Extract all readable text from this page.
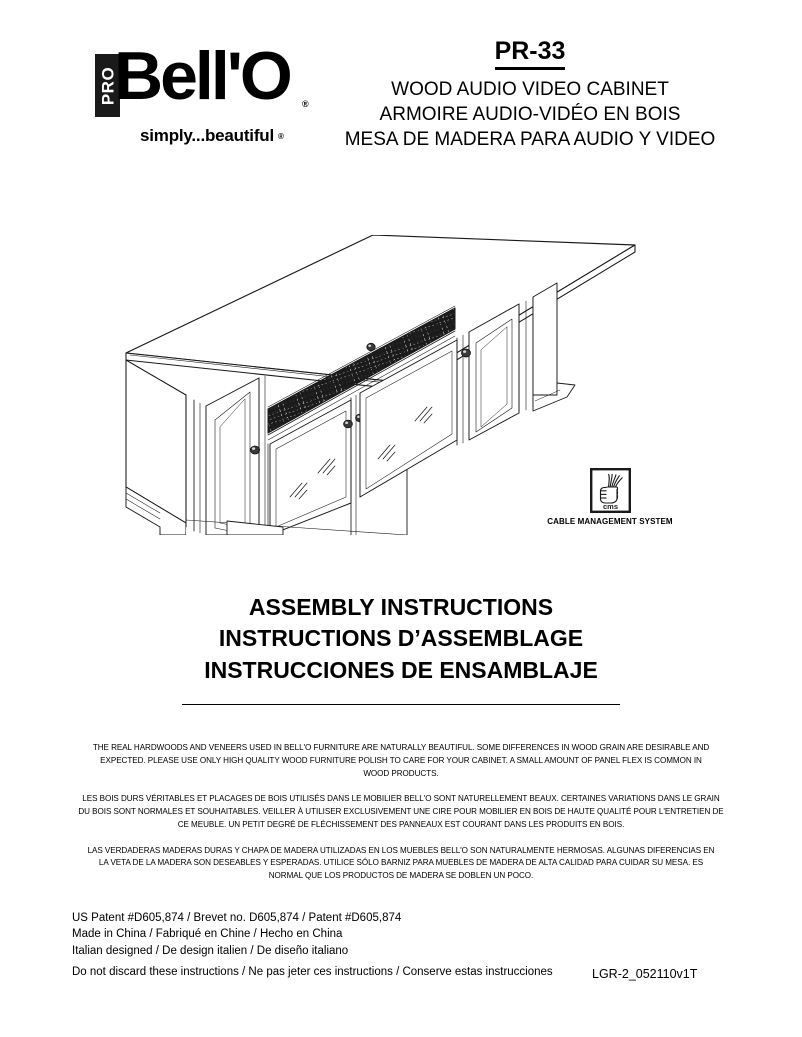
PRO
Bell'O ®
simply...beautiful ®
PR-33
WOOD AUDIO VIDEO CABINET
ARMOIRE AUDIO-VIDÉO EN BOIS
MESA DE MADERA PARA AUDIO Y VIDEO
cms
CABLE MANAGEMENT SYSTEM
ASSEMBLY INSTRUCTIONS
INSTRUCTIONS D’ASSEMBLAGE
INSTRUCCIONES DE ENSAMBLAJE
THE REAL HARDWOODS AND VENEERS USED IN BELL'O FURNITURE ARE NATURALLY BEAUTIFUL. SOME DIFFERENCES IN WOOD GRAIN ARE DESIRABLE AND EXPECTED. PLEASE USE ONLY HIGH QUALITY WOOD FURNITURE POLISH TO CARE FOR YOUR CABINET. A SMALL AMOUNT OF PANEL FLEX IS COMMON IN WOOD PRODUCTS.
LES BOIS DURS VÉRITABLES ET PLACAGES DE BOIS UTILISÉS DANS LE MOBILIER BELL'O SONT NATURELLEMENT BEAUX. CERTAINES VARIATIONS DANS LE GRAIN DU BOIS SONT NORMALES ET SOUHAITABLES. VEILLER À UTILISER EXCLUSIVEMENT UNE CIRE POUR MOBILIER EN BOIS DE HAUTE QUALITÉ POUR L'ENTRETIEN DE CE MEUBLE. UN PETIT DEGRÉ DE FLÉCHISSEMENT DES PANNEAUX EST COURANT DANS LES PRODUITS EN BOIS.
LAS VERDADERAS MADERAS DURAS Y CHAPA DE MADERA UTILIZADAS EN LOS MUEBLES BELL'O SON NATURALMENTE HERMOSAS. ALGUNAS DIFERENCIAS EN LA VETA DE LA MADERA SON DESEABLES Y ESPERADAS. UTILICE SÓLO BARNIZ PARA MUEBLES DE MADERA DE ALTA CALIDAD PARA CUIDAR SU MESA. ES NORMAL QUE LOS PRODUCTOS DE MADERA SE DOBLEN UN POCO.
US Patent #D605,874 / Brevet no. D605,874 / Patent #D605,874
Made in China / Fabriqué en Chine / Hecho en China
Italian designed / De design italien / De diseño italiano
Do not discard these instructions / Ne pas jeter ces instructions / Conserve estas instrucciones	LGR-2_052110v1T
